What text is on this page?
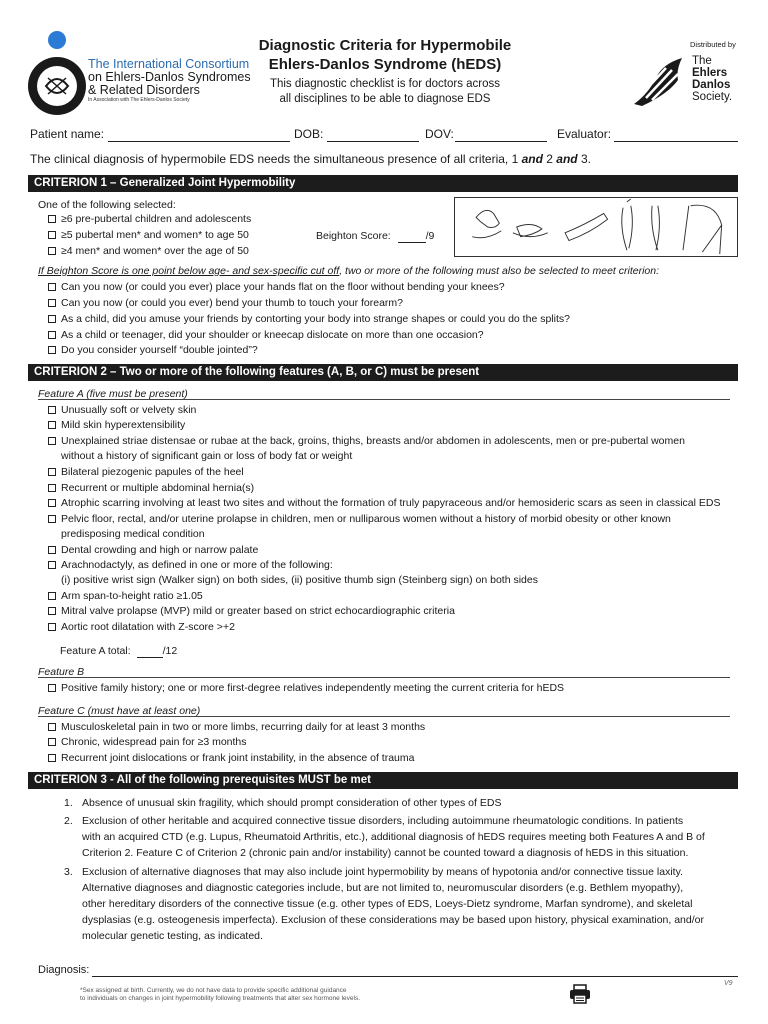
The International Consortium
on Ehlers-Danlos Syndromes
& Related Disorders
In Association with The Ehlers-Danlos Society
Diagnostic Criteria for Hypermobile
Ehlers-Danlos Syndrome (hEDS)

This diagnostic checklist is for doctors across
all disciplines to be able to diagnose EDS

Distributed by
The
Ehlers
Danlos
Society.
Patient name:	DOB:	DOV:	Evaluator:
The clinical diagnosis of hypermobile EDS needs the simultaneous presence of all criteria, 1 and 2 and 3.
CRITERION 1 – Generalized Joint Hypermobility
One of the following selected:
≥6 pre-pubertal children and adolescents
≥5 pubertal men* and women* to age 50
≥4 men* and women* over the age of 50
Beighton Score:	/9
If Beighton Score is one point below age- and sex-specific cut off, two or more of the following must also be selected to meet criterion:
Can you now (or could you ever) place your hands flat on the floor without bending your knees?
Can you now (or could you ever) bend your thumb to touch your forearm?
As a child, did you amuse your friends by contorting your body into strange shapes or could you do the splits?
As a child or teenager, did your shoulder or kneecap dislocate on more than one occasion?
Do you consider yourself “double jointed”?
CRITERION 2 – Two or more of the following features (A, B, or C) must be present
Feature A (five must be present)
Unusually soft or velvety skin
Mild skin hyperextensibility
Unexplained striae distensae or rubae at the back, groins, thighs, breasts and/or abdomen in adolescents, men or pre-pubertal women
without a history of significant gain or loss of body fat or weight
Bilateral piezogenic papules of the heel
Recurrent or multiple abdominal hernia(s)
Atrophic scarring involving at least two sites and without the formation of truly papyraceous and/or hemosideric scars as seen in classical EDS
Pelvic floor, rectal, and/or uterine prolapse in children, men or nulliparous women without a history of morbid obesity or other known
predisposing medical condition
Dental crowding and high or narrow palate
Arachnodactyly, as defined in one or more of the following:
(i) positive wrist sign (Walker sign) on both sides, (ii) positive thumb sign (Steinberg sign) on both sides
Arm span-to-height ratio ≥1.05
Mitral valve prolapse (MVP) mild or greater based on strict echocardiographic criteria
Aortic root dilatation with Z-score >+2
Feature A total:	/12
Feature B
Positive family history; one or more first-degree relatives independently meeting the current criteria for hEDS
Feature C (must have at least one)
Musculoskeletal pain in two or more limbs, recurring daily for at least 3 months
Chronic, widespread pain for ≥3 months
Recurrent joint dislocations or frank joint instability, in the absence of trauma
CRITERION 3 - All of the following prerequisites MUST be met
1. Absence of unusual skin fragility, which should prompt consideration of other types of EDS
2. Exclusion of other heritable and acquired connective tissue disorders, including autoimmune rheumatologic conditions. In patients
with an acquired CTD (e.g. Lupus, Rheumatoid Arthritis, etc.), additional diagnosis of hEDS requires meeting both Features A and B of
Criterion 2. Feature C of Criterion 2 (chronic pain and/or instability) cannot be counted toward a diagnosis of hEDS in this situation.
3. Exclusion of alternative diagnoses that may also include joint hypermobility by means of hypotonia and/or connective tissue laxity.
Alternative diagnoses and diagnostic categories include, but are not limited to, neuromuscular disorders (e.g. Bethlem myopathy),
other hereditary disorders of the connective tissue (e.g. other types of EDS, Loeys-Dietz syndrome, Marfan syndrome), and skeletal
dysplasias (e.g. osteogenesis imperfecta). Exclusion of these considerations may be based upon history, physical examination, and/or
molecular genetic testing, as indicated.
Diagnosis:
*Sex assigned at birth. Currently, we do not have data to provide specific additional guidance
to individuals on changes in joint hypermobility following treatments that alter sex hormone levels.
V9
